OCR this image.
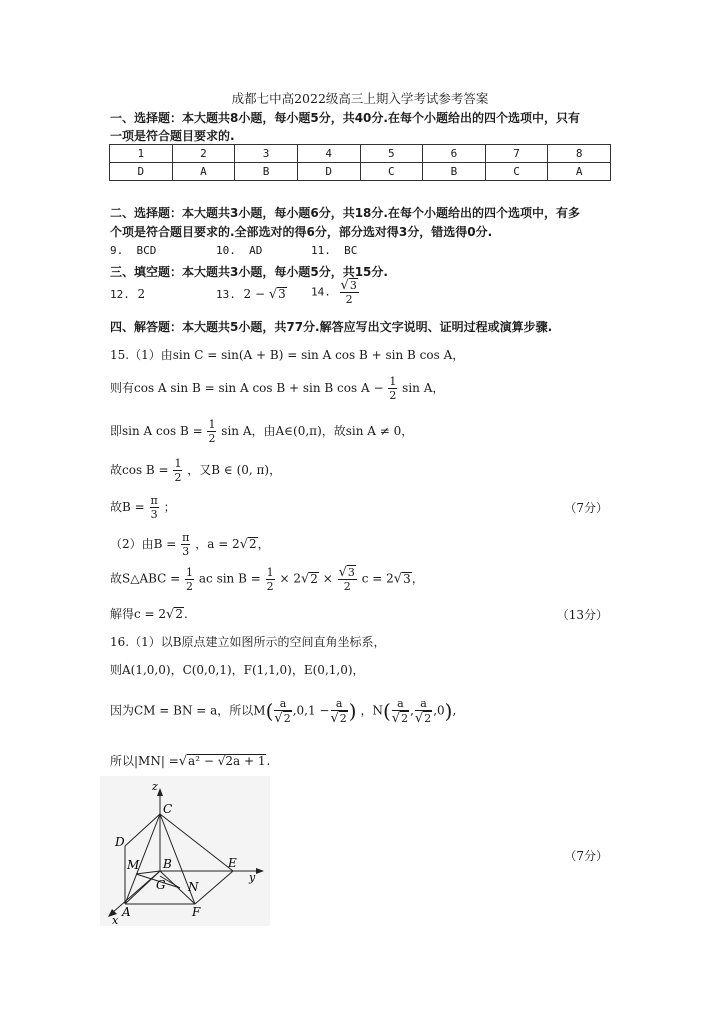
成都七中高2022级高三上期入学考试参考答案
一、选择题：本大题共8小题，每小题5分，共40分.在每个小题给出的四个选项中，只有
一项是符合题目要求的.
1	2	3	4	5	6	7	8
D	A	B	D	C	B	C	A
二、选择题：本大题共3小题，每小题6分，共18分.在每个小题给出的四个选项中，有多
个项是符合题目要求的.全部选对的得6分，部分选对得3分，错选得0分.
9. BCD	10. AD	11. BC
三、填空题：本大题共3小题，每小题5分，共15分.
12. 2	13. 2 − √3 14. $\frac{√3}{2}$
四、解答题：本大题共5小题，共77分.解答应写出文字说明、证明过程或演算步骤.
15.（1）由sin C = sin(A + B) = sin A cos B + sin B cos A，
则有cos A sin B = sin A cos B + sin B $\cos A - \frac{1}{2}$ sin A，
即sin A $\cos B = \frac{1}{2}$ sin A，由A∈(0,π)，故sin A ≠ 0，
故$\cos B = \frac{1}{2}$ ，又B ∈ (0, π)，
故$B = \frac{\pi}{3}$ ；	（7分）
（2）由$B = \frac{\pi}{3}$ ，a = 2√2，
故S△ABC = $\frac{1}{2}$ ac $\sin B = \frac{1}{2} \times 2√2 \times \frac{√3}{2}$ c = 2√3，
解得c = 2√2.	（13分）
16.（1）以B原点建立如图所示的空间直角坐标系，
则A(1,0,0)，C(0,0,1)，F(1,1,0)，E(0,1,0)，
因为CM = BN = a，所以$M( \frac{a}{√2} ,0,1 - \frac{a}{√2}$ ) ，$N( \frac{a}{√2}$ , $\frac{a}{√2} ,0$),
所以|MN| =√a² − √2a + 1.
（7分）
z
C
D
M B	E
y
G N
A	F
x
